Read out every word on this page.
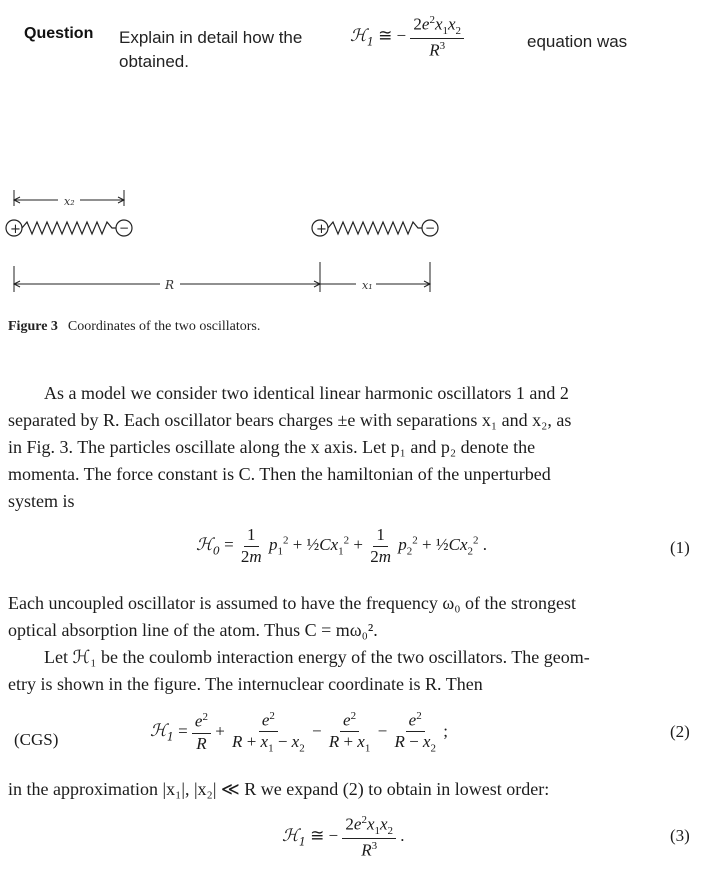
Question Explain in detail how the
obtained.
ℋ$_1$ ≅ − $\frac{2e^2x_1x_2}{R^3}$	equation was
x₂
+	−	+	−
R	x₁
Figure 3 Coordinates of the two oscillators.
As a model we consider two identical linear harmonic oscillators 1 and 2
separated by R. Each oscillator bears charges ±e with separations x₁ and x₂, as
in Fig. 3. The particles oscillate along the x axis. Let p₁ and p₂ denote the
momenta. The force constant is C. Then the hamiltonian of the unperturbed
system is
ℋ$_0$ = $\frac{1}{2m} p_1^2$ + $\frac{1}{2}Cx_1^2 + \frac{1}{2m} p_2^2$ + $\frac{1}{2}Cx_2^2$ .	(1)
Each uncoupled oscillator is assumed to have the frequency ω₀ of the strongest
optical absorption line of the atom. Thus C = mω₀².
Let ℋ₁ be the coulomb interaction energy of the two oscillators. The geom-
etry is shown in the figure. The internuclear coordinate is R. Then
(CGS)	ℋ$_1$ = $\frac{e^2}{R} + \frac{e^2}{R + x_1 - x_2} - \frac{e^2}{R + x_1} - \frac{e^2}{R - x_2}$ ;	(2)
in the approximation |x₁|, |x₂| ≪ R we expand (2) to obtain in lowest order:
ℋ$_1$ ≅ − $\frac{2e^2x_1x_2}{R^3}$ .	(3)
